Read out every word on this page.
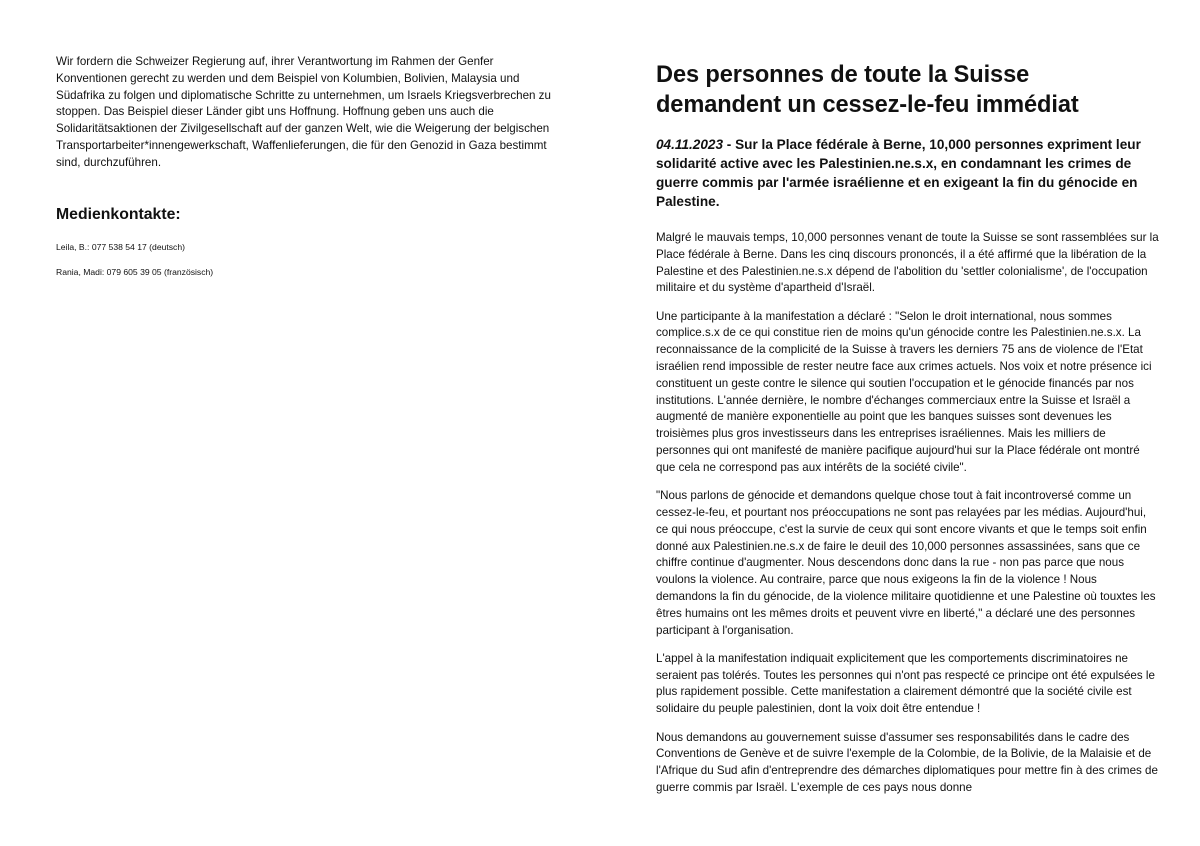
Wir fordern die Schweizer Regierung auf, ihrer Verantwortung im Rahmen der Genfer Konventionen gerecht zu werden und dem Beispiel von Kolumbien, Bolivien, Malaysia und Südafrika zu folgen und diplomatische Schritte zu unternehmen, um Israels Kriegsverbrechen zu stoppen. Das Beispiel dieser Länder gibt uns Hoffnung. Hoffnung geben uns auch die Solidaritätsaktionen der Zivilgesellschaft auf der ganzen Welt, wie die Weigerung der belgischen Transportarbeiter*innengewerkschaft, Waffenlieferungen, die für den Genozid in Gaza bestimmt sind, durchzuführen.

Medienkontakte:

Leila, B.: 077 538 54 17 (deutsch)

Rania, Madi: 079 605 39 05 (französisch)

Des personnes de toute la Suisse demandent un cessez-le-feu immédiat

04.11.2023 - Sur la Place fédérale à Berne, 10,000 personnes expriment leur solidarité active avec les Palestinien.ne.s.x, en condamnant les crimes de guerre commis par l'armée israélienne et en exigeant la fin du génocide en Palestine.

Malgré le mauvais temps, 10,000 personnes venant de toute la Suisse se sont rassemblées sur la Place fédérale à Berne. Dans les cinq discours prononcés, il a été affirmé que la libération de la Palestine et des Palestinien.ne.s.x dépend de l'abolition du 'settler colonialisme', de l'occupation militaire et du système d'apartheid d'Israël.

Une participante à la manifestation a déclaré : "Selon le droit international, nous sommes complice.s.x de ce qui constitue rien de moins qu'un génocide contre les Palestinien.ne.s.x. La reconnaissance de la complicité de la Suisse à travers les derniers 75 ans de violence de l'Etat israélien rend impossible de rester neutre face aux crimes actuels. Nos voix et notre présence ici constituent un geste contre le silence qui soutien l'occupation et le génocide financés par nos institutions. L'année dernière, le nombre d'échanges commerciaux entre la Suisse et Israël a augmenté de manière exponentielle au point que les banques suisses sont devenues les troisièmes plus gros investisseurs dans les entreprises israéliennes. Mais les milliers de personnes qui ont manifesté de manière pacifique aujourd'hui sur la Place fédérale ont montré que cela ne correspond pas aux intérêts de la société civile".

"Nous parlons de génocide et demandons quelque chose tout à fait incontroversé comme un cessez-le-feu, et pourtant nos préoccupations ne sont pas relayées par les médias. Aujourd'hui, ce qui nous préoccupe, c'est la survie de ceux qui sont encore vivants et que le temps soit enfin donné aux Palestinien.ne.s.x de faire le deuil des 10,000 personnes assassinées, sans que ce chiffre continue d'augmenter. Nous descendons donc dans la rue - non pas parce que nous voulons la violence. Au contraire, parce que nous exigeons la fin de la violence ! Nous demandons la fin du génocide, de la violence militaire quotidienne et une Palestine où touxtes les êtres humains ont les mêmes droits et peuvent vivre en liberté," a déclaré une des personnes participant à l'organisation.

L'appel à la manifestation indiquait explicitement que les comportements discriminatoires ne seraient pas tolérés. Toutes les personnes qui n'ont pas respecté ce principe ont été expulsées le plus rapidement possible. Cette manifestation a clairement démontré que la société civile est solidaire du peuple palestinien, dont la voix doit être entendue !

Nous demandons au gouvernement suisse d'assumer ses responsabilités dans le cadre des Conventions de Genève et de suivre l'exemple de la Colombie, de la Bolivie, de la Malaisie et de l'Afrique du Sud afin d'entreprendre des démarches diplomatiques pour mettre fin à des crimes de guerre commis par Israël. L'exemple de ces pays nous donne
